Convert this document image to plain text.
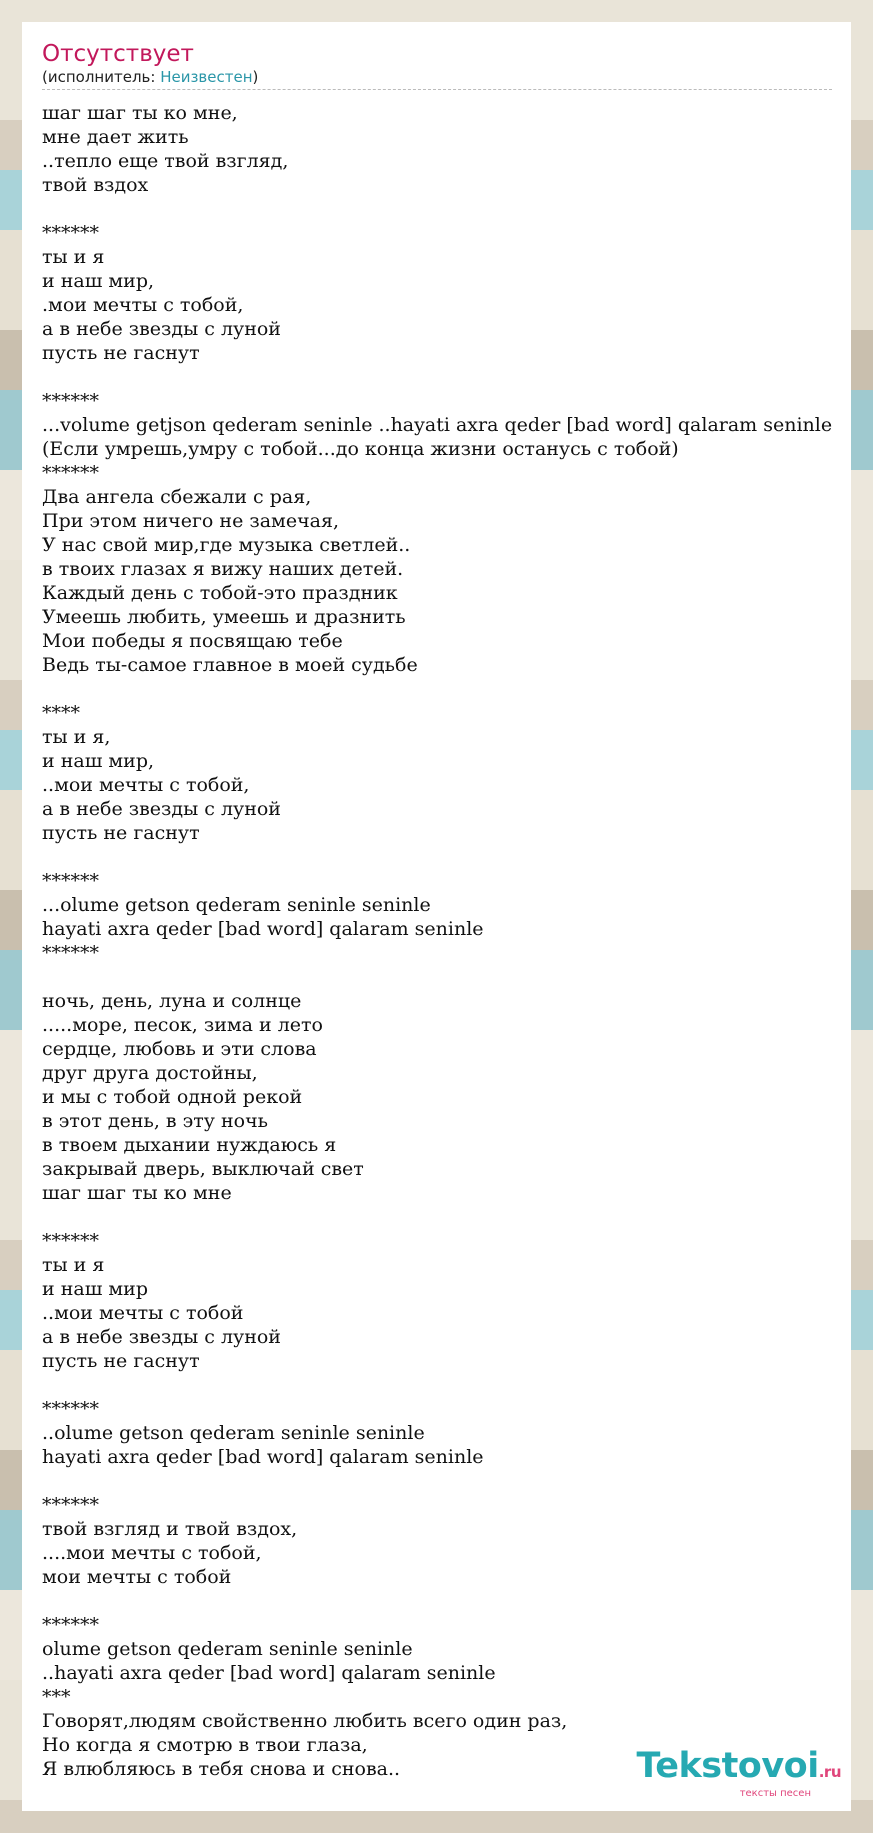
Отсутствует
(исполнитель: Неизвестен)
шаг шаг ты ко мне,
мне дает жить
..тепло еще твой взгляд,
твой вздох
******
ты и я
и наш мир,
.мои мечты с тобой,
а в небе звезды с луной
пусть не гаснут
******
...volume getjson qederam seninle ..hayati axra qeder [bad word] qalaram seninle
(Если умрешь,умру с тобой...до конца жизни останусь с тобой)
******
Два ангела сбежали с рая,
При этом ничего не замечая,
У нас свой мир,где музыка светлей..
в твоих глазах я вижу наших детей.
Каждый день с тобой-это праздник
Умеешь любить, умеешь и дразнить
Мои победы я посвящаю тебе
Ведь ты-самое главное в моей судьбе
****
ты и я,
и наш мир,
..мои мечты с тобой,
а в небе звезды с луной
пусть не гаснут
******
...olume getson qederam seninle seninle
hayati axra qeder [bad word] qalaram seninle
******
ночь, день, луна и солнце
.....море, песок, зима и лето
сердце, любовь и эти слова
друг друга достойны,
и мы с тобой одной рекой
в этот день, в эту ночь
в твоем дыхании нуждаюсь я
закрывай дверь, выключай свет
шаг шаг ты ко мне
******
ты и я
и наш мир
..мои мечты с тобой
а в небе звезды с луной
пусть не гаснут
******
..olume getson qederam seninle seninle
hayati axra qeder [bad word] qalaram seninle
******
твой взгляд и твой вздох,
....мои мечты с тобой,
мои мечты с тобой
******
olume getson qederam seninle seninle
..hayati axra qeder [bad word] qalaram seninle
***
Говорят,людям свойственно любить всего один раз,
Но когда я смотрю в твои глаза,
Я влюбляюсь в тебя снова и снова..	Tekstovoi.ru
тексты песен
